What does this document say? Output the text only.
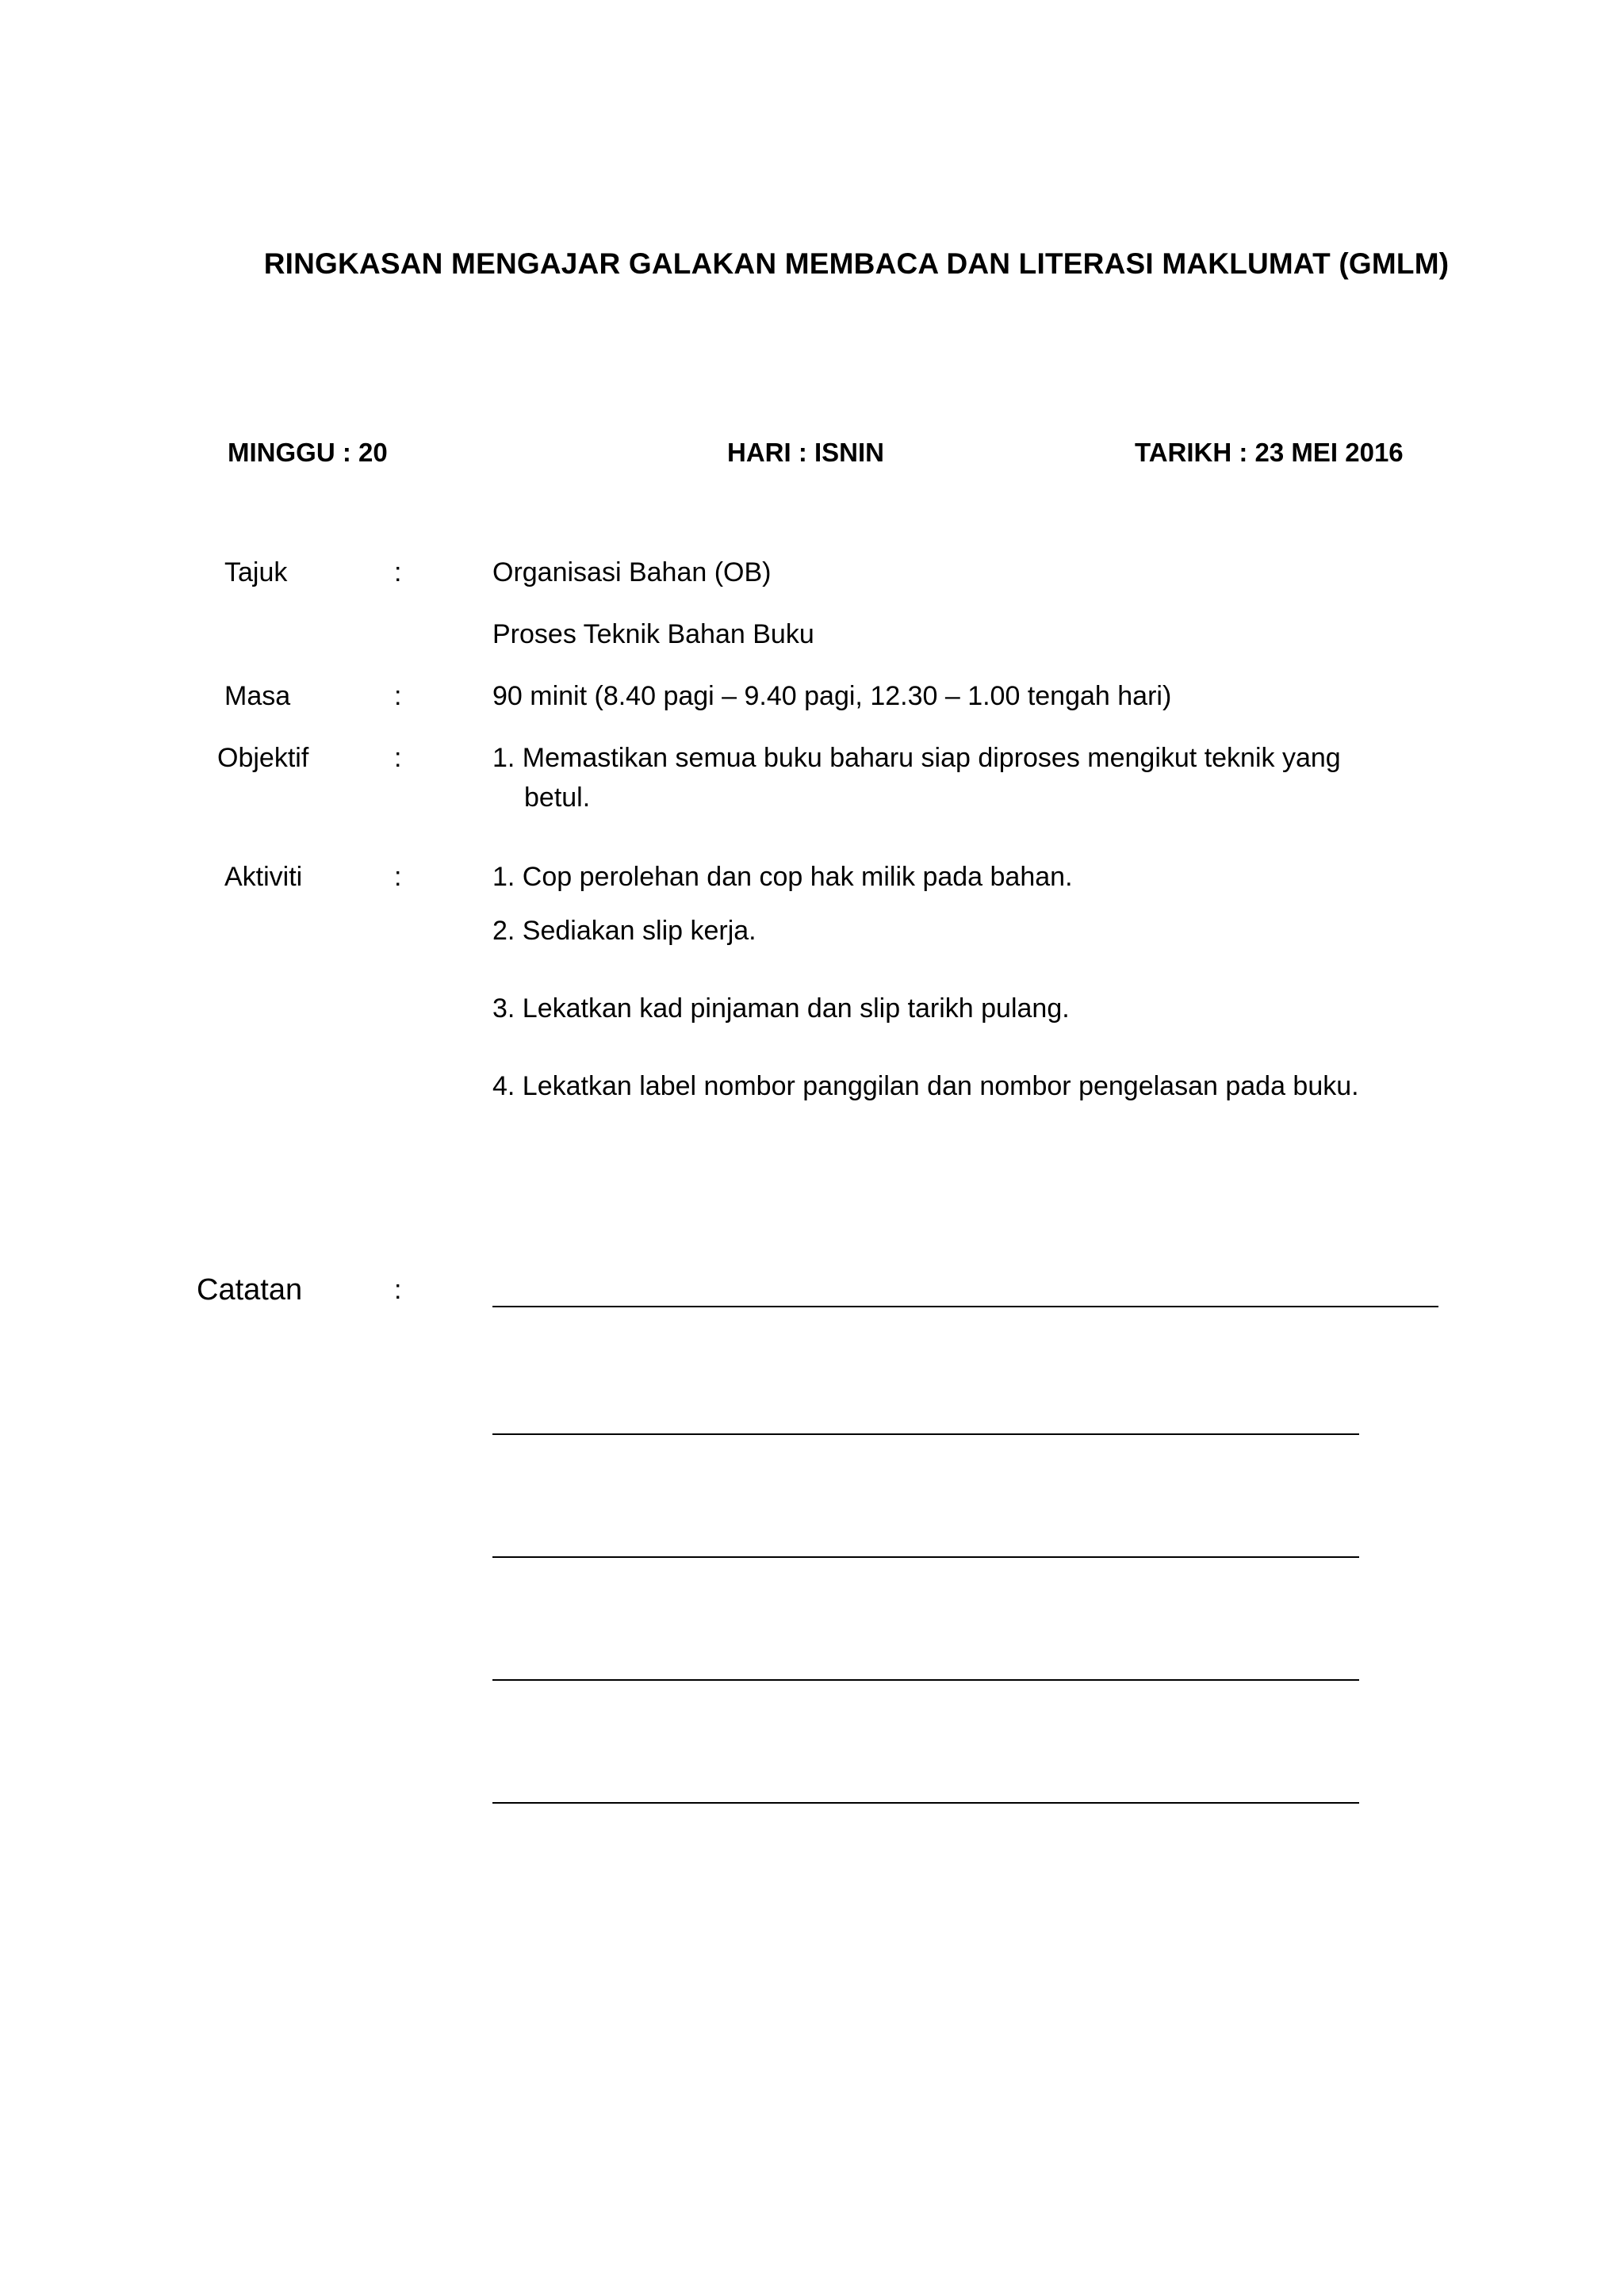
RINGKASAN MENGAJAR GALAKAN MEMBACA DAN LITERASI MAKLUMAT (GMLM)
MINGGU : 20	HARI : ISNIN	TARIKH : 23 MEI 2016
Tajuk	:	Organisasi Bahan (OB)
Proses Teknik Bahan Buku
Masa	:	90 minit (8.40 pagi – 9.40 pagi, 12.30 – 1.00 tengah hari)
Objektif	:	1. Memastikan semua buku baharu siap diproses mengikut teknik yang
betul.
Aktiviti	:	1. Cop perolehan dan cop hak milik pada bahan.
2. Sediakan slip kerja.
3. Lekatkan kad pinjaman dan slip tarikh pulang.
4. Lekatkan label nombor panggilan dan nombor pengelasan pada buku.
Catatan	:
